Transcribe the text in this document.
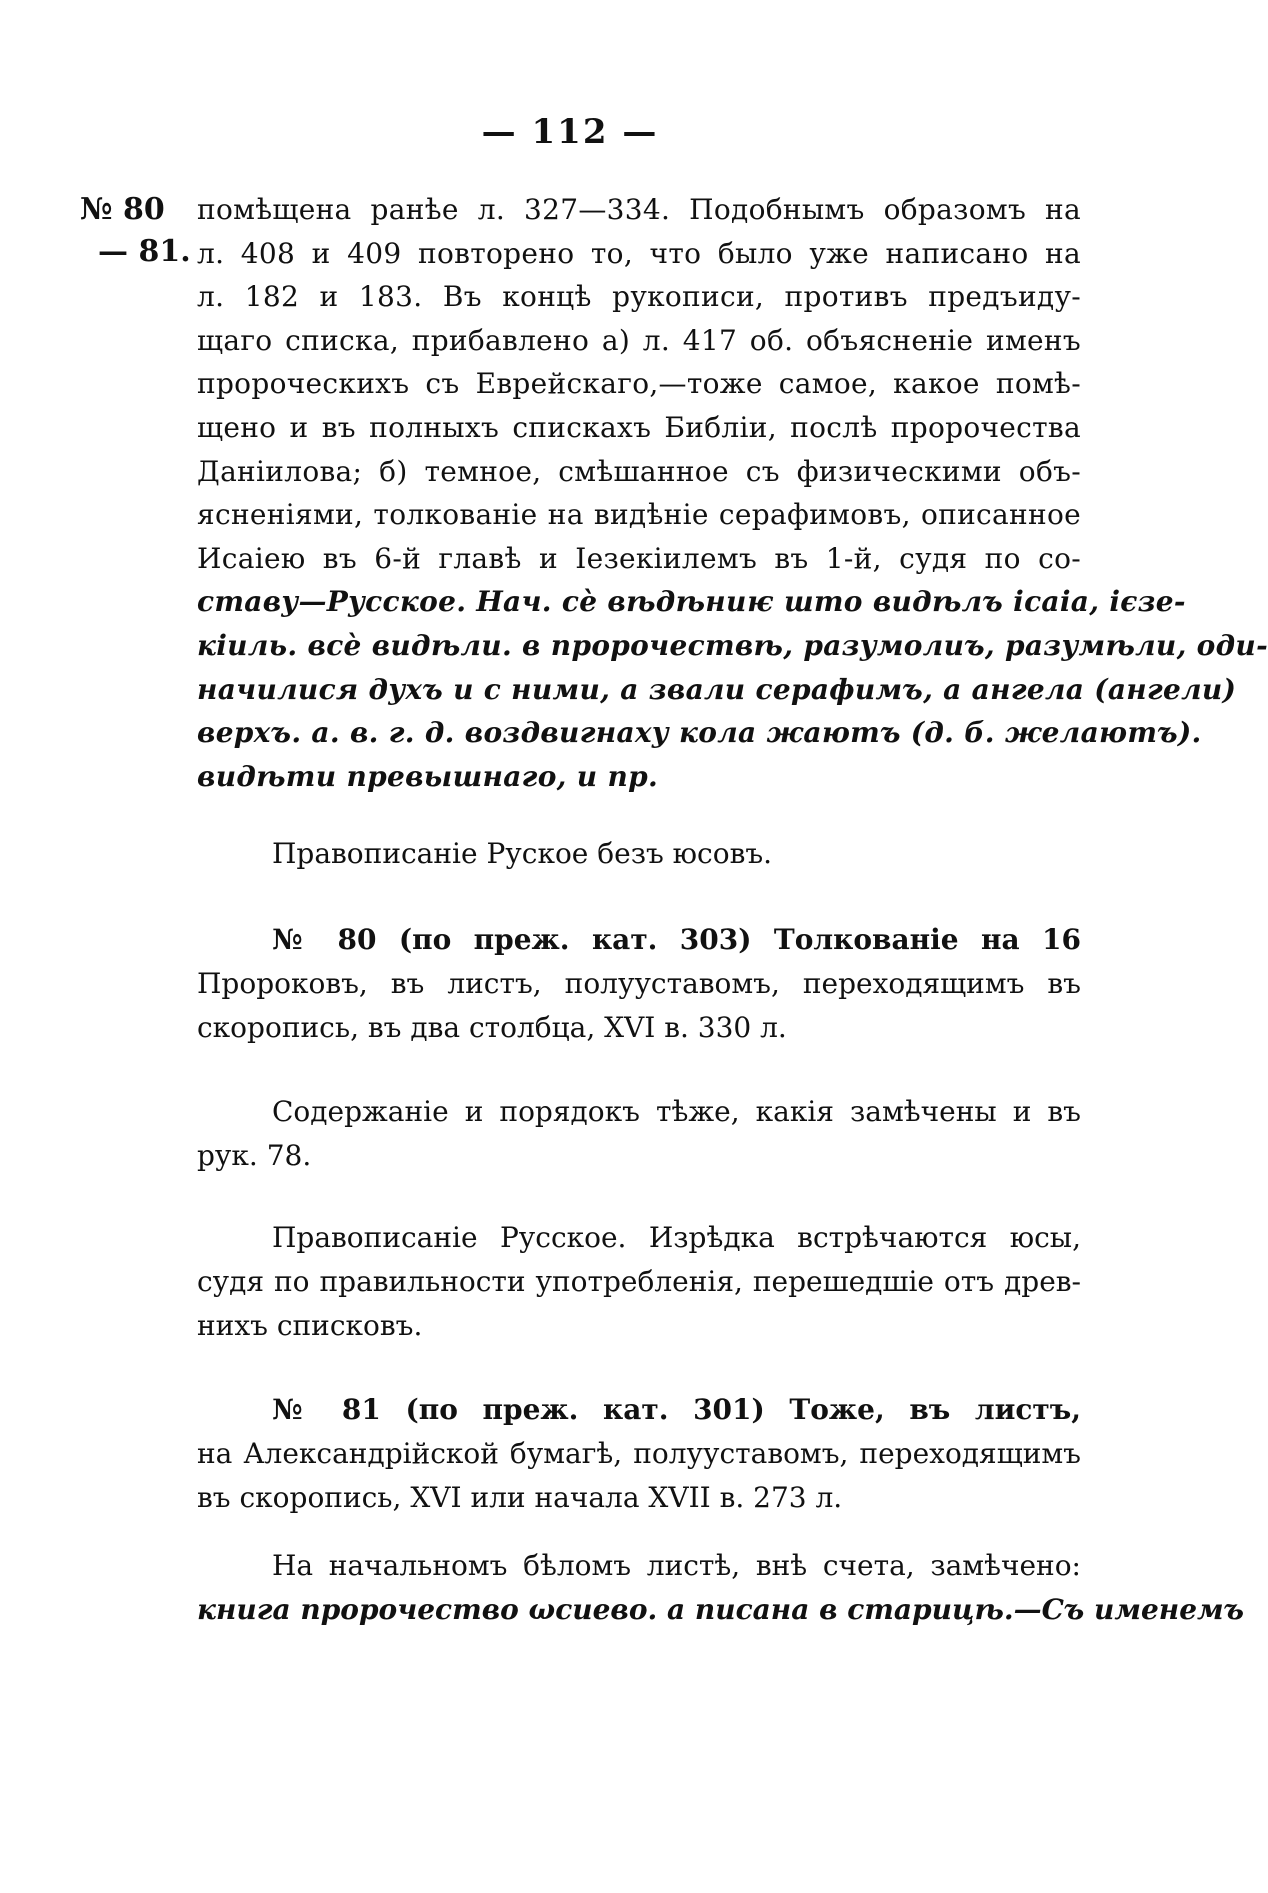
— 112 —
№ 80
— 81.
помѣщена ранѣе л. 327—334. Подобнымъ образомъ на
л. 408 и 409 повторено то, что было уже написано на
л. 182 и 183. Въ концѣ рукописи, противъ предъиду-
щаго списка, прибавлено а) л. 417 об. объясненіе именъ
пророческихъ съ Еврейскаго,—тоже самое, какое помѣ-
щено и въ полныхъ спискахъ Библіи, послѣ пророчества
Даніилова; б) темное, смѣшанное съ физическими объ-
ясненіями, толкованіе на видѣніе серафимовъ, описанное
Исаіею въ 6-й главѣ и Іезекіилемъ въ 1-й, судя по со-
ставу—Русское. Нач. сѐ вѣдѣниѥ што видѣлъ ісаіа, ієзе-
кіиль. всѐ видѣли. в пророчествѣ, разумолиъ, разумѣли, оди-
начилися духъ и с ними, а звали серафимъ, а ангела (ангели)
верхъ. а. в. г. д. воздвигнаху кола жаютъ (д. б. желаютъ).
видѣти превышнаго, и пр.
Правописаніе Руское безъ юсовъ.
№ 80 (по преж. кат. 303) Толкованіе на 16
Пророковъ, въ листъ, полууставомъ, переходящимъ въ
скоропись, въ два столбца, XVI в. 330 л.
Содержаніе и порядокъ тѣже, какія замѣчены и въ
рук. 78.
Правописаніе Русское. Изрѣдка встрѣчаются юсы,
судя по правильности употребленія, перешедшіе отъ древ-
нихъ списковъ.
№ 81 (по преж. кат. 301) Тоже, въ листъ,
на Александрійской бумагѣ, полууставомъ, переходящимъ
въ скоропись, XVI или начала XVII в. 273 л.
На начальномъ бѣломъ листѣ, внѣ счета, замѣчено:
книга пророчество ωсиево. а писана в старицѣ.—Съ именемъ
